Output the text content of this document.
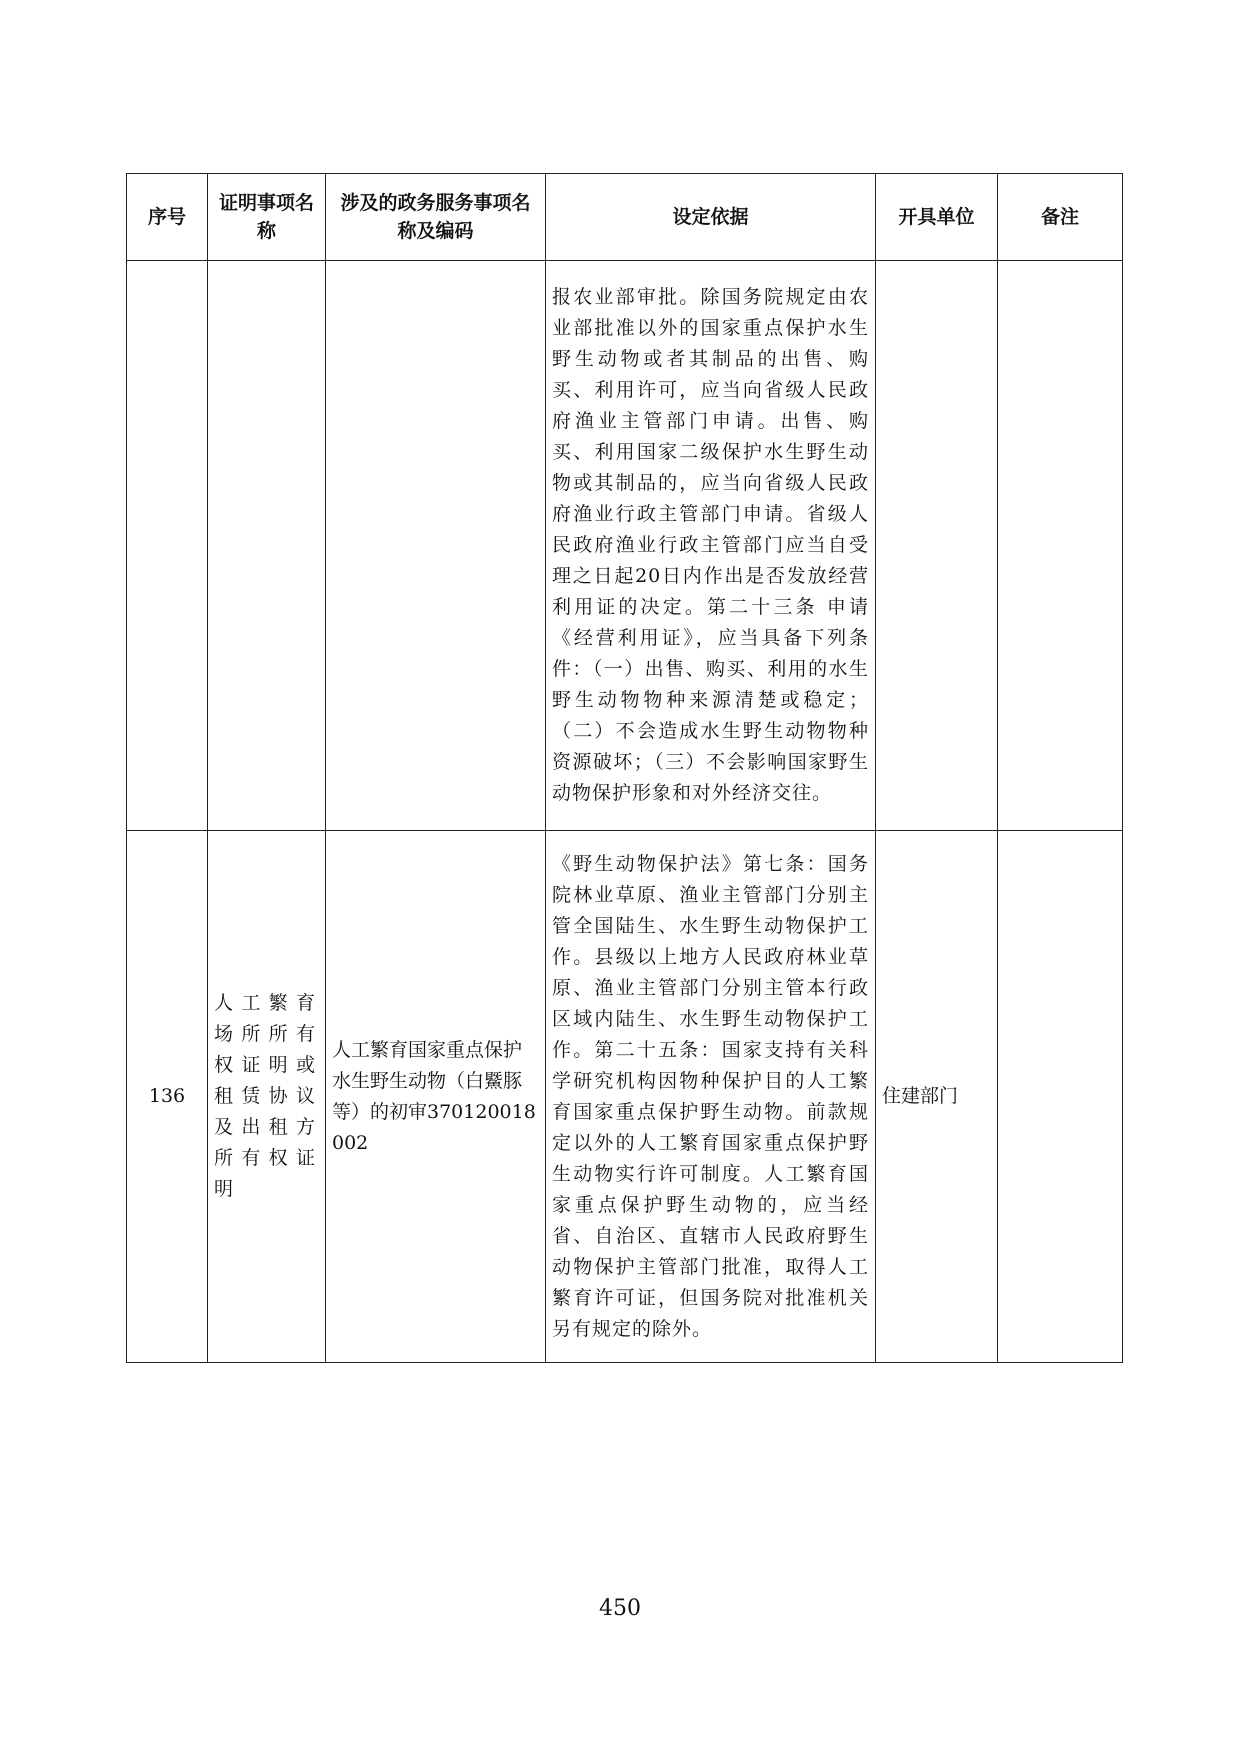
序号	证明事项名称	涉及的政务服务事项名称及编码	设定依据	开具单位	备注
			报农业部审批。除国务院规定由农业部批准以外的国家重点保护水生野生动物或者其制品的出售、购买、利用许可，应当向省级人民政府渔业主管部门申请。出售、购买、利用国家二级保护水生野生动物或其制品的，应当向省级人民政府渔业行政主管部门申请。省级人民政府渔业行政主管部门应当自受理之日起20日内作出是否发放经营利用证的决定。第二十三条 申请《经营利用证》，应当具备下列条件：（一）出售、购买、利用的水生野生动物物种来源清楚或稳定；（二）不会造成水生野生动物物种资源破坏；（三）不会影响国家野生动物保护形象和对外经济交往。		
136	人工繁育场所所有权证明或租赁协议及出租方所有权证明	人工繁育国家重点保护水生野生动物（白鱀豚等）的初审370120018002	《野生动物保护法》第七条：国务院林业草原、渔业主管部门分别主管全国陆生、水生野生动物保护工作。县级以上地方人民政府林业草原、渔业主管部门分别主管本行政区域内陆生、水生野生动物保护工作。第二十五条：国家支持有关科学研究机构因物种保护目的人工繁育国家重点保护野生动物。前款规定以外的人工繁育国家重点保护野生动物实行许可制度。人工繁育国家重点保护野生动物的，应当经省、自治区、直辖市人民政府野生动物保护主管部门批准，取得人工繁育许可证，但国务院对批准机关另有规定的除外。	住建部门	
450
